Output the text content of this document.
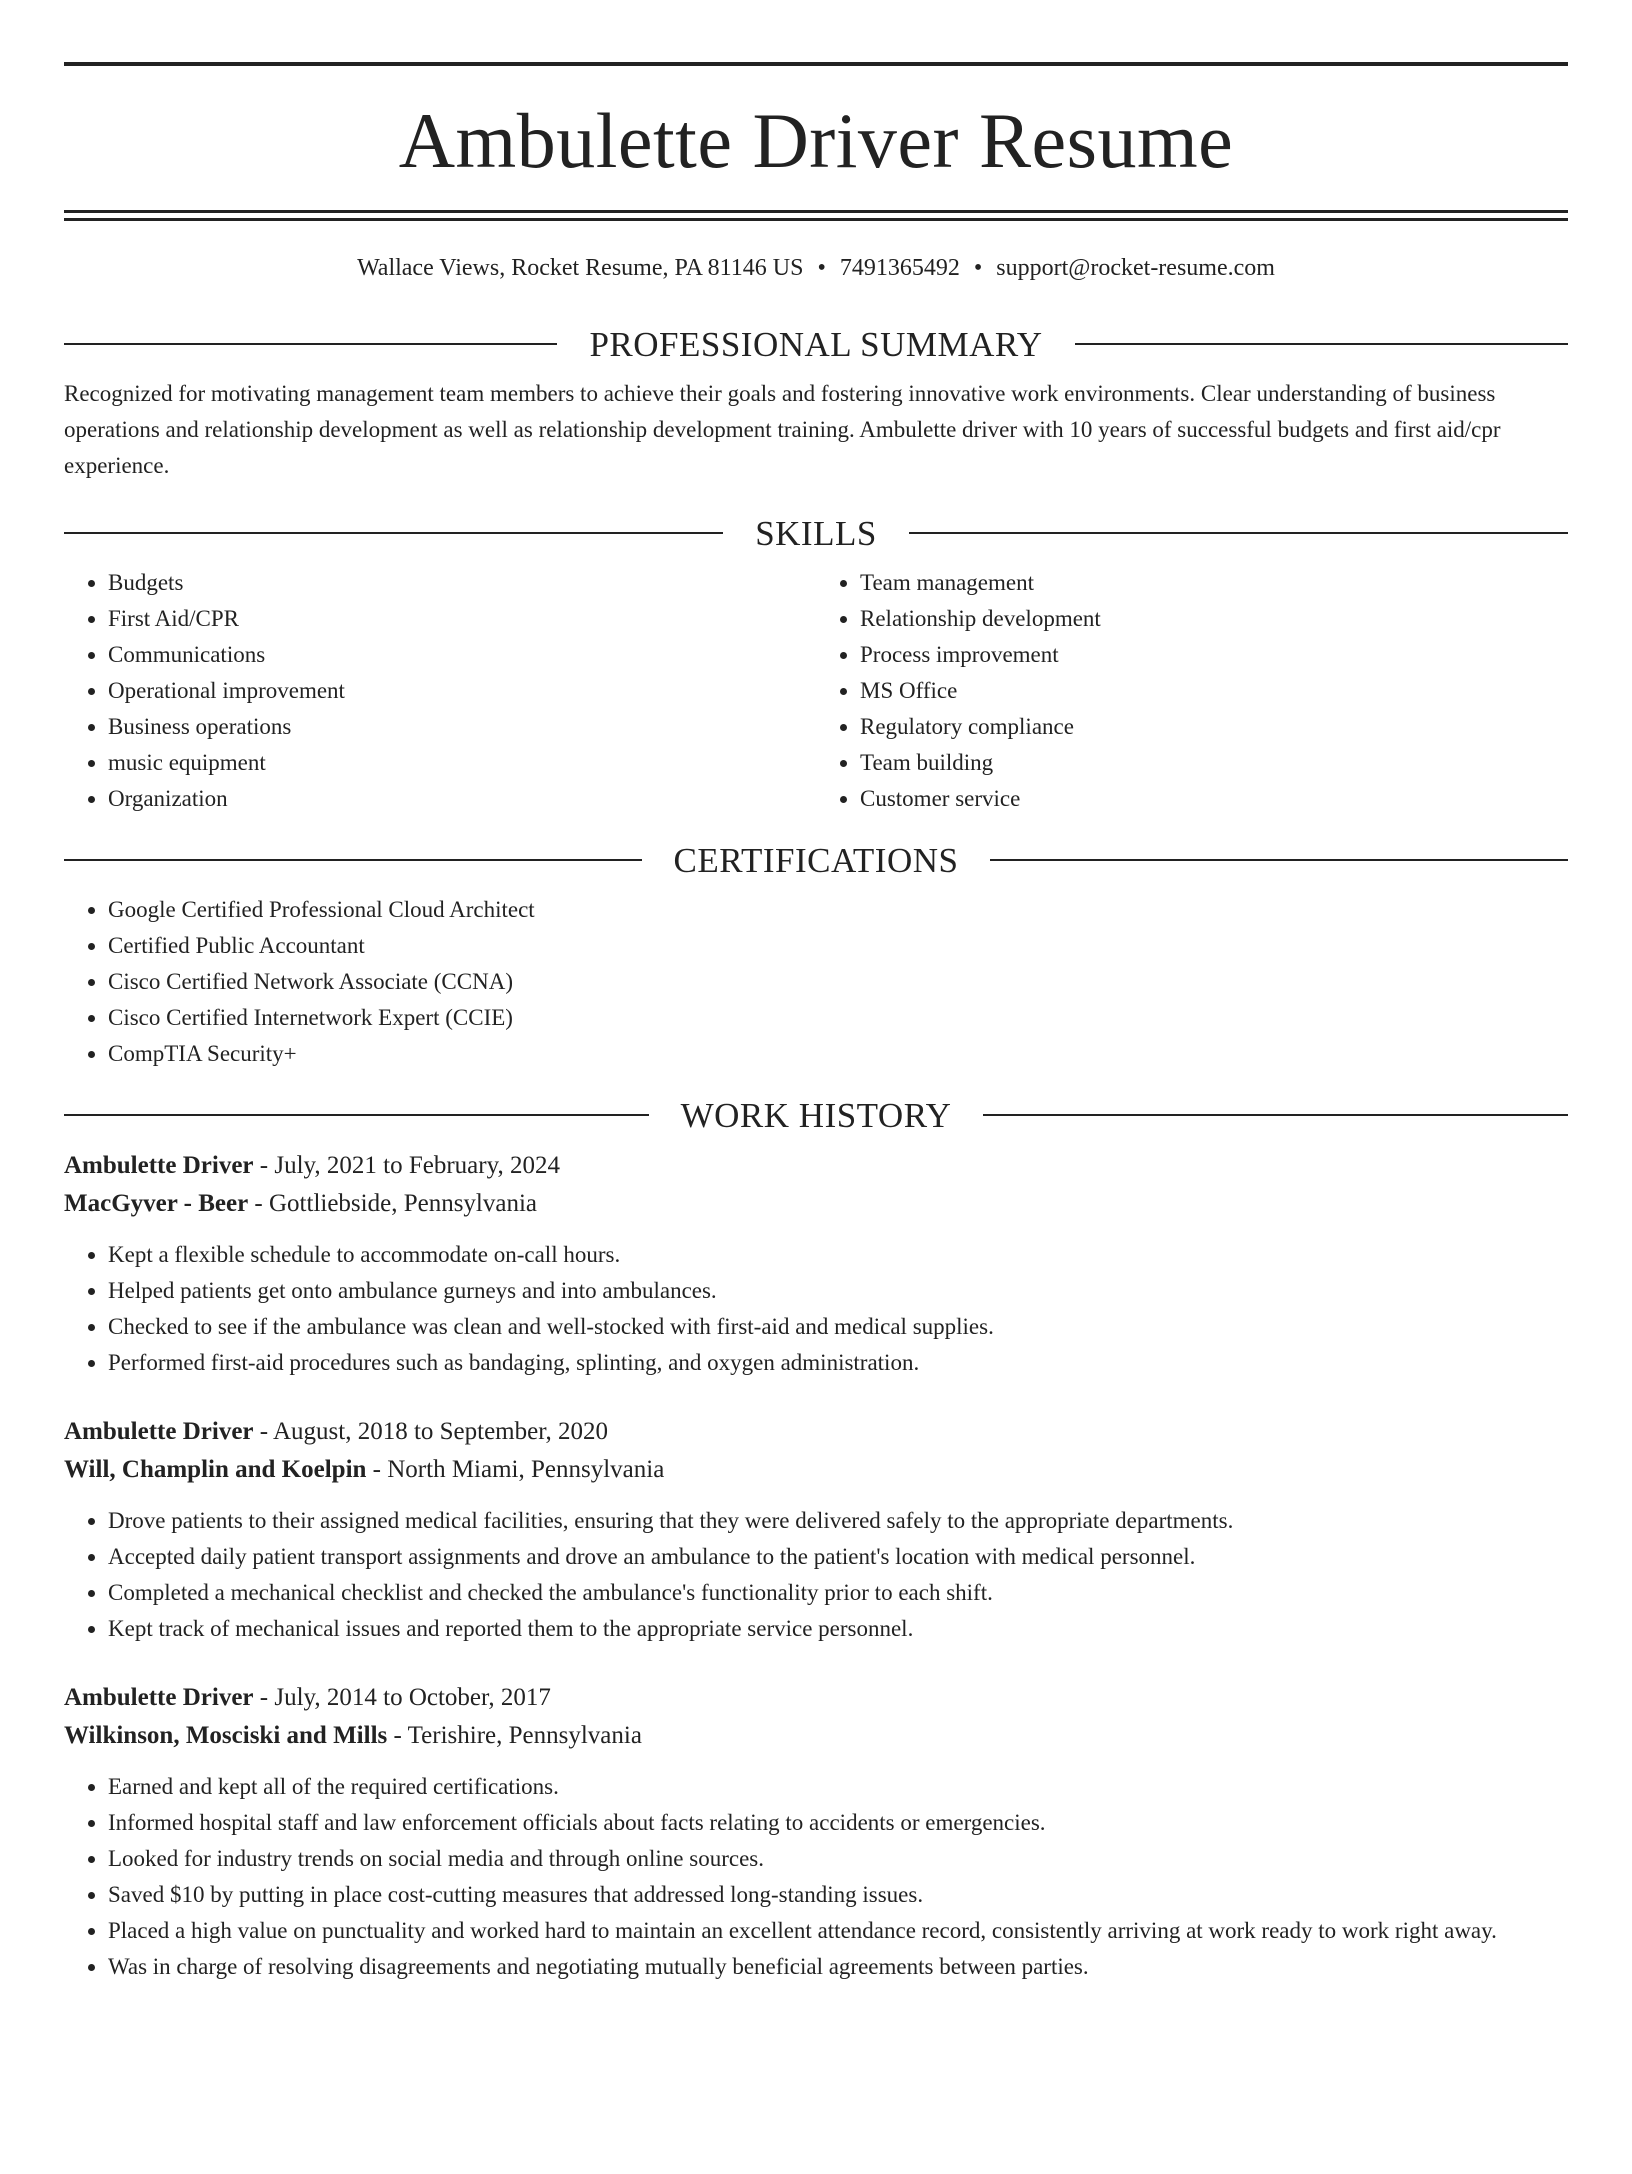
Ambulette Driver Resume
Wallace Views, Rocket Resume, PA 81146 US • 7491365492 • support@rocket-resume.com
PROFESSIONAL SUMMARY

Recognized for motivating management team members to achieve their goals and fostering innovative work environments. Clear understanding of business operations and relationship development as well as relationship development training. Ambulette driver with 10 years of successful budgets and first aid/cpr experience.

SKILLS
• Budgets
• First Aid/CPR
• Communications
• Operational improvement
• Business operations
• music equipment
• Organization
• Team management
• Relationship development
• Process improvement
• MS Office
• Regulatory compliance
• Team building
• Customer service
CERTIFICATIONS
• Google Certified Professional Cloud Architect
• Certified Public Accountant
• Cisco Certified Network Associate (CCNA)
• Cisco Certified Internetwork Expert (CCIE)
• CompTIA Security+
WORK HISTORY
Ambulette Driver - July, 2021 to February, 2024
MacGyver - Beer - Gottliebside, Pennsylvania
• Kept a flexible schedule to accommodate on-call hours.
• Helped patients get onto ambulance gurneys and into ambulances.
• Checked to see if the ambulance was clean and well-stocked with first-aid and medical supplies.
• Performed first-aid procedures such as bandaging, splinting, and oxygen administration.
Ambulette Driver - August, 2018 to September, 2020
Will, Champlin and Koelpin - North Miami, Pennsylvania
• Drove patients to their assigned medical facilities, ensuring that they were delivered safely to the appropriate departments.
• Accepted daily patient transport assignments and drove an ambulance to the patient's location with medical personnel.
• Completed a mechanical checklist and checked the ambulance's functionality prior to each shift.
• Kept track of mechanical issues and reported them to the appropriate service personnel.
Ambulette Driver - July, 2014 to October, 2017
Wilkinson, Mosciski and Mills - Terishire, Pennsylvania
• Earned and kept all of the required certifications.
• Informed hospital staff and law enforcement officials about facts relating to accidents or emergencies.
• Looked for industry trends on social media and through online sources.
• Saved $10 by putting in place cost-cutting measures that addressed long-standing issues.
• Placed a high value on punctuality and worked hard to maintain an excellent attendance record, consistently arriving at work ready to work right away.
• Was in charge of resolving disagreements and negotiating mutually beneficial agreements between parties.
